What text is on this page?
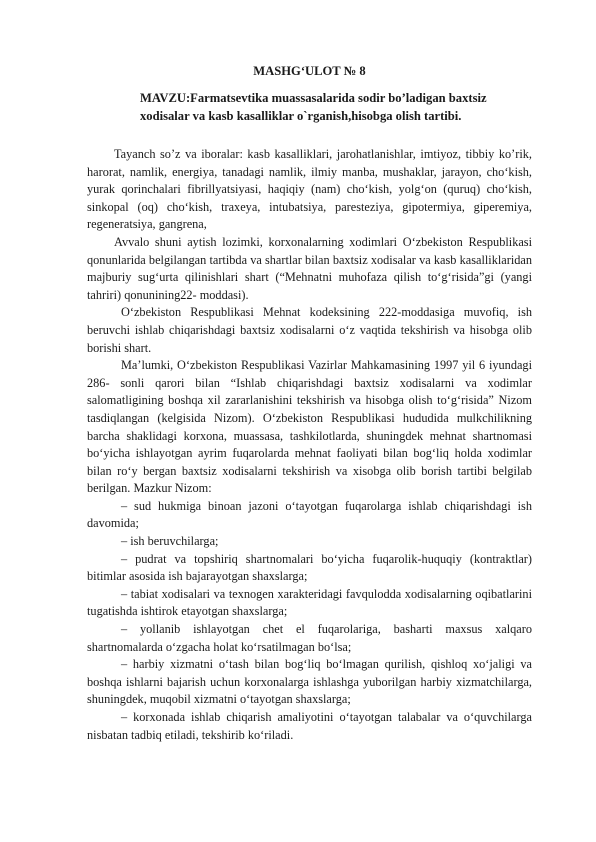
MASHG‘ULOT № 8
MAVZU:Farmatsevtika muassasalarida sodir bo’ladigan baxtsiz

xodisalar va kasb kasalliklar o`rganish,hisobga olish tartibi.

Tayanch so’z va iboralar: kasb kasalliklari, jarohatlanishlar, imtiyoz, tibbiy ko’rik, harorat, namlik, energiya, tanadagi namlik, ilmiy manba, mushaklar, jarayon, cho‘kish, yurak qorinchalari fibrillyatsiyasi, haqiqiy (nam) cho‘kish, yolg‘on (quruq) cho‘kish, sinkopal (oq) cho‘kish, traxeya, intubatsiya, paresteziya, gipotermiya, giperemiya, regeneratsiya, gangrena,

Avvalo shuni aytish lozimki, korxonalarning xodimlari O‘zbekiston Respublikasi qonunlarida belgilangan tartibda va shartlar bilan baxtsiz xodisalar va kasb kasalliklaridan majburiy sug‘urta qilinishlari shart (“Mehnatni muhofaza qilish to‘g‘risida”gi (yangi tahriri) qonunining22- moddasi).

O‘zbekiston Respublikasi Mehnat kodeksining 222-moddasiga muvofiq, ish beruvchi ishlab chiqarishdagi baxtsiz xodisalarni o‘z vaqtida tekshirish va hisobga olib borishi shart.

Ma’lumki, O‘zbekiston Respublikasi Vazirlar Mahkamasining 1997 yil 6 iyundagi 286- sonli qarori bilan “Ishlab chiqarishdagi baxtsiz xodisalarni va xodimlar salomatligining boshqa xil zararlanishini tekshirish va hisobga olish to‘g‘risida” Nizom tasdiqlangan (kelgisida Nizom). O‘zbekiston Respublikasi hududida mulkchilikning barcha shaklidagi korxona, muassasa, tashkilotlarda, shuningdek mehnat shartnomasi bo‘yicha ishlayotgan ayrim fuqarolarda mehnat faoliyati bilan bog‘liq holda xodimlar bilan ro‘y bergan baxtsiz xodisalarni tekshirish va xisobga olib borish tartibi belgilab berilgan. Mazkur Nizom:

– sud hukmiga binoan jazoni o‘tayotgan fuqarolarga ishlab chiqarishdagi ish davomida;

– ish beruvchilarga;

– pudrat va topshiriq shartnomalari bo‘yicha fuqarolik-huquqiy (kontraktlar) bitimlar asosida ish bajarayotgan shaxslarga;

– tabiat xodisalari va texnogen xarakteridagi favqulodda xodisalarning oqibatlarini tugatishda ishtirok etayotgan shaxslarga;

– yollanib ishlayotgan chet el fuqarolariga, basharti maxsus xalqaro shartnomalarda o‘zgacha holat ko‘rsatilmagan bo‘lsa;

– harbiy xizmatni o‘tash bilan bog‘liq bo‘lmagan qurilish, qishloq xo‘jaligi va boshqa ishlarni bajarish uchun korxonalarga ishlashga yuborilgan harbiy xizmatchilarga, shuningdek, muqobil xizmatni o‘tayotgan shaxslarga;

– korxonada ishlab chiqarish amaliyotini o‘tayotgan talabalar va o‘quvchilarga nisbatan tadbiq etiladi, tekshirib ko‘riladi.
